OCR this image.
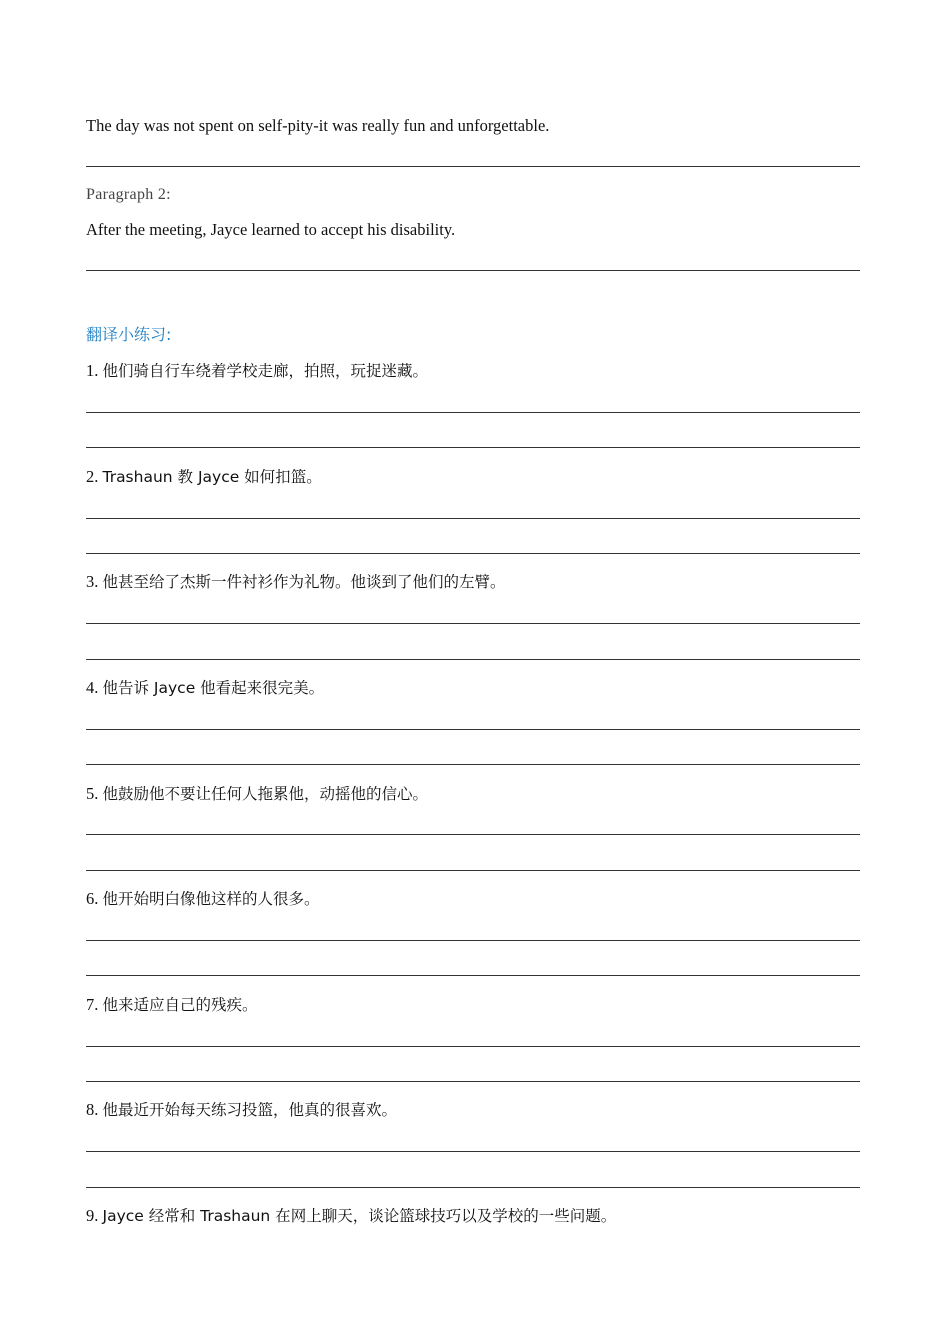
The day was not spent on self-pity-it was really fun and unforgettable.
Paragraph 2:
After the meeting, Jayce learned to accept his disability.
翻译小练习:
1. 他们骑自行车绕着学校走廊，拍照，玩捉迷藏。
2. Trashaun 教 Jayce 如何扣篮。
3. 他甚至给了杰斯一件衬衫作为礼物。他谈到了他们的左臂。
4. 他告诉 Jayce 他看起来很完美。
5. 他鼓励他不要让任何人拖累他，动摇他的信心。
6. 他开始明白像他这样的人很多。
7. 他来适应自己的残疾。
8. 他最近开始每天练习投篮，他真的很喜欢。
9. Jayce 经常和 Trashaun 在网上聊天，谈论篮球技巧以及学校的一些问题。
